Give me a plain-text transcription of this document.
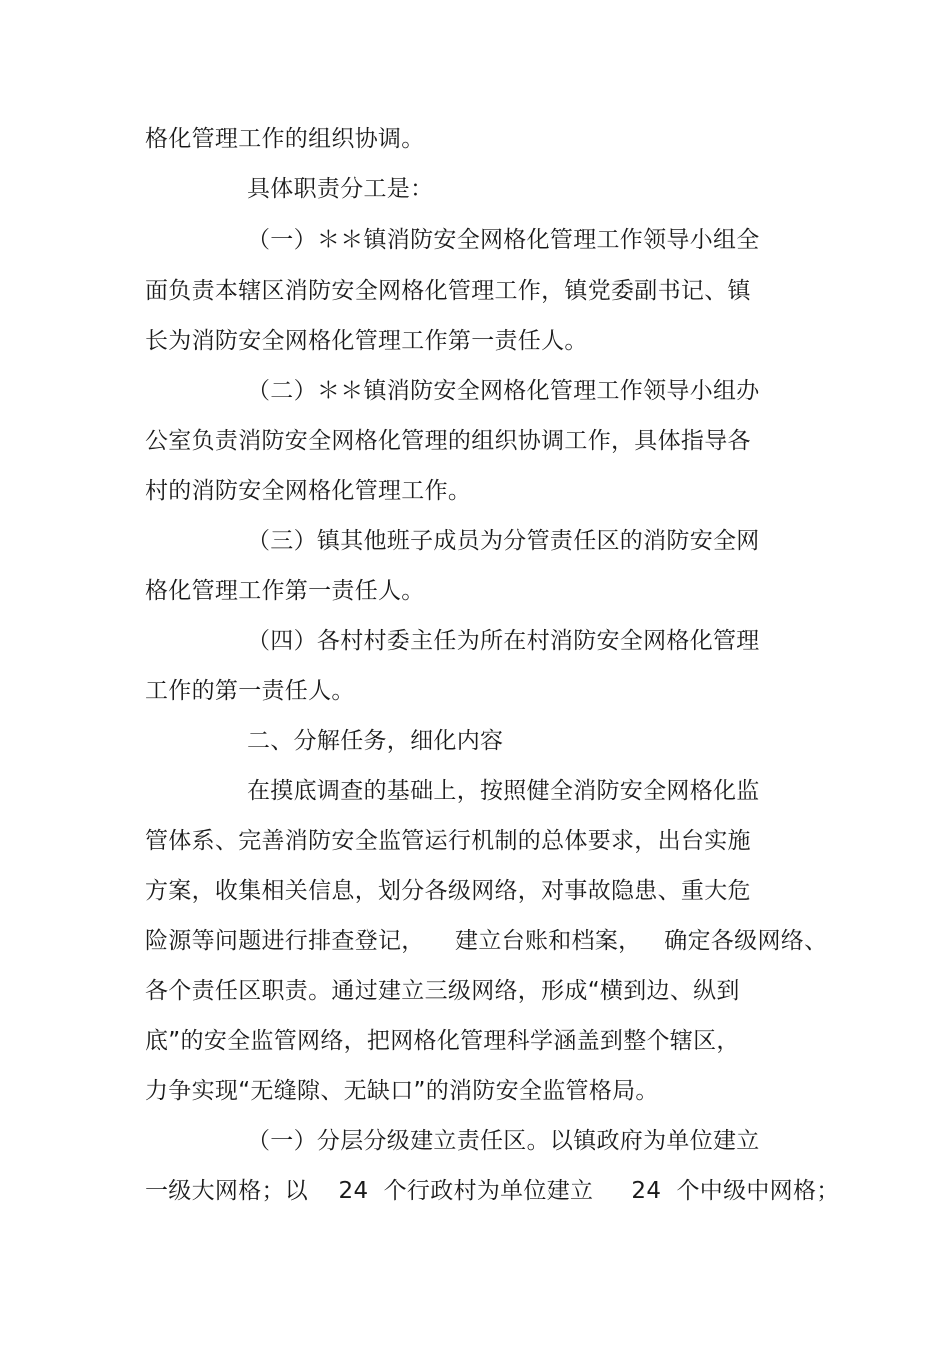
格化管理工作的组织协调。
具体职责分工是：
（一）＊＊镇消防安全网格化管理工作领导小组全
面负责本辖区消防安全网格化管理工作，镇党委副书记、镇
长为消防安全网格化管理工作第一责任人。
（二）＊＊镇消防安全网格化管理工作领导小组办
公室负责消防安全网格化管理的组织协调工作，具体指导各
村的消防安全网格化管理工作。
（三）镇其他班子成员为分管责任区的消防安全网
格化管理工作第一责任人。
（四）各村村委主任为所在村消防安全网格化管理
工作的第一责任人。
二、分解任务，细化内容
在摸底调查的基础上，按照健全消防安全网格化监
管体系、完善消防安全监管运行机制的总体要求，出台实施
方案，收集相关信息，划分各级网络，对事故隐患、重大危
险源等问题进行排查登记，    建立台账和档案，   确定各级网络、
各个责任区职责。通过建立三级网络，形成“横到边、纵到
底”的安全监管网络，把网格化管理科学涵盖到整个辖区，
力争实现“无缝隙、无缺口”的消防安全监管格局。
（一）分层分级建立责任区。以镇政府为单位建立
一级大网格；以    24  个行政村为单位建立     24  个中级中网格；
